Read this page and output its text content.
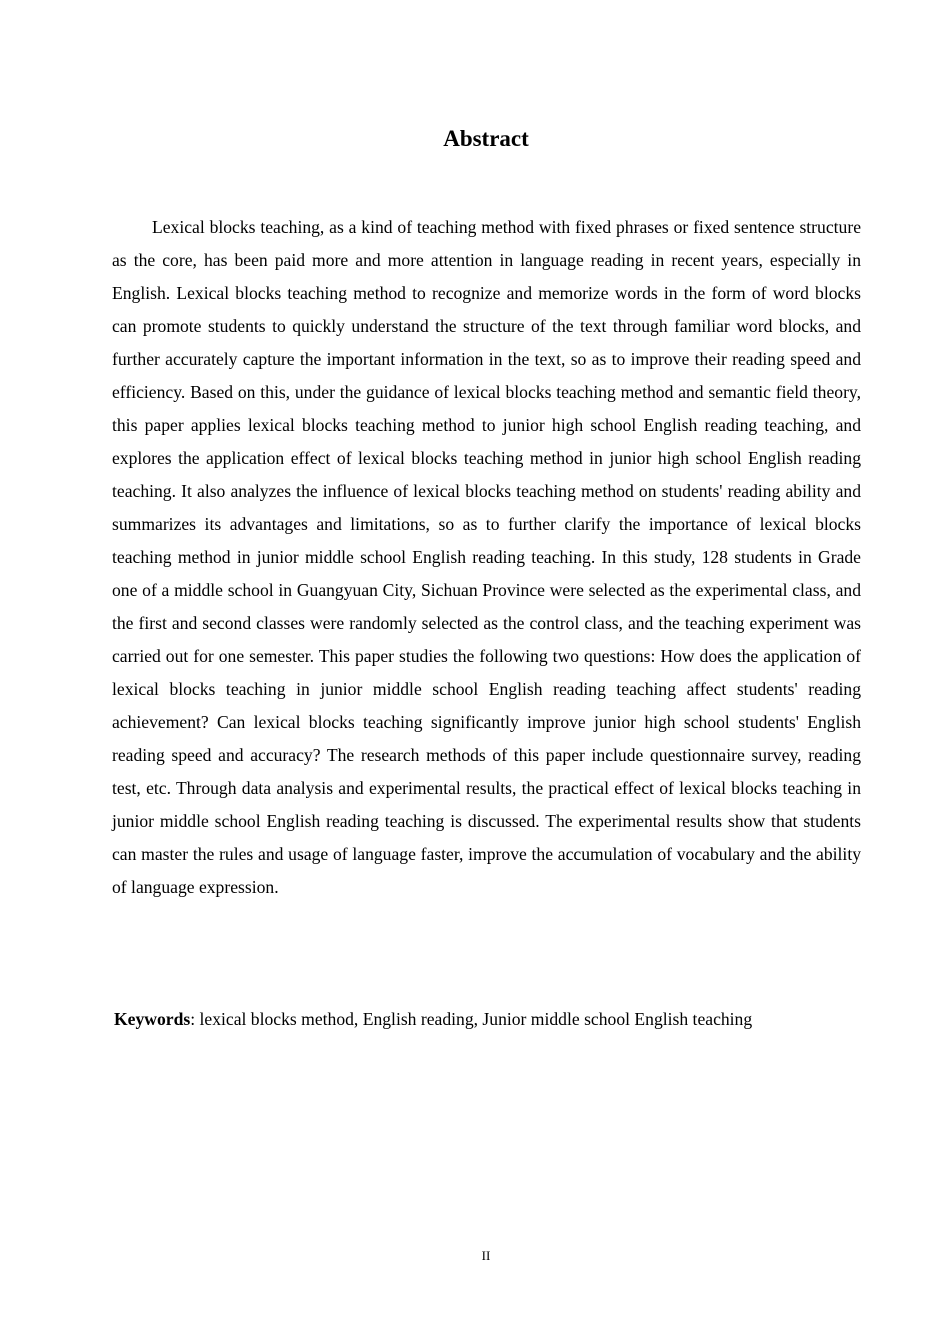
Abstract

Lexical blocks teaching, as a kind of teaching method with fixed phrases or fixed sentence structure as the core, has been paid more and more attention in language reading in recent years, especially in English. Lexical blocks teaching method to recognize and memorize words in the form of word blocks can promote students to quickly understand the structure of the text through familiar word blocks, and further accurately capture the important information in the text, so as to improve their reading speed and efficiency. Based on this, under the guidance of lexical blocks teaching method and semantic field theory, this paper applies lexical blocks teaching method to junior high school English reading teaching, and explores the application effect of lexical blocks teaching method in junior high school English reading teaching. It also analyzes the influence of lexical blocks teaching method on students' reading ability and summarizes its advantages and limitations, so as to further clarify the importance of lexical blocks teaching method in junior middle school English reading teaching. In this study, 128 students in Grade one of a middle school in Guangyuan City, Sichuan Province were selected as the experimental class, and the first and second classes were randomly selected as the control class, and the teaching experiment was carried out for one semester. This paper studies the following two questions: How does the application of lexical blocks teaching in junior middle school English reading teaching affect students' reading achievement? Can lexical blocks teaching significantly improve junior high school students' English reading speed and accuracy? The research methods of this paper include questionnaire survey, reading test, etc. Through data analysis and experimental results, the practical effect of lexical blocks teaching in junior middle school English reading teaching is discussed. The experimental results show that students can master the rules and usage of language faster, improve the accumulation of vocabulary and the ability of language expression.

Keywords: lexical blocks method, English reading, Junior middle school English teaching

II
